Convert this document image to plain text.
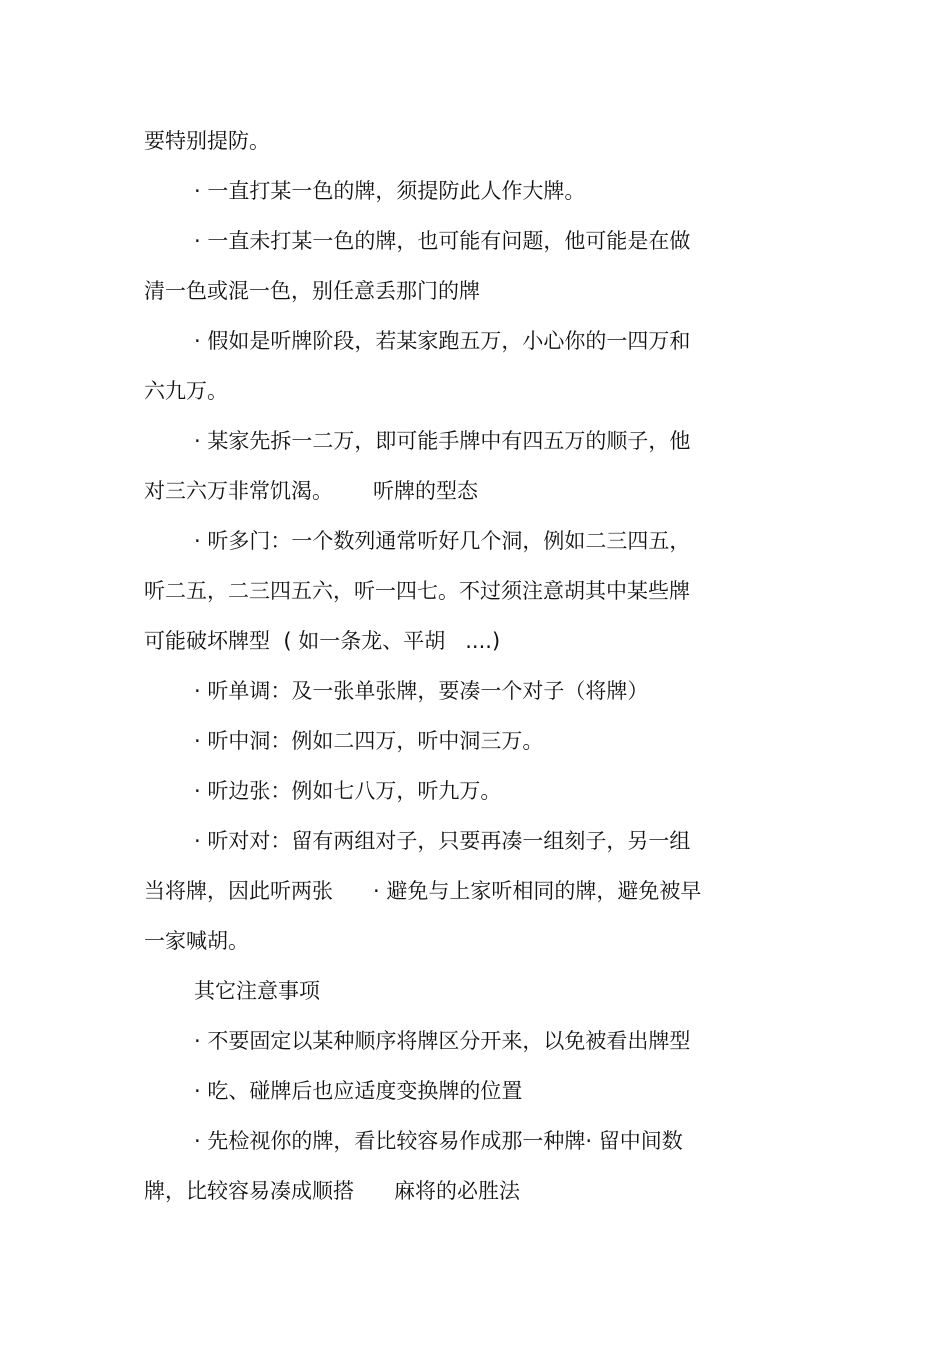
要特别提防。
· 一直打某一色的牌，须提防此人作大牌。
· 一直未打某一色的牌，也可能有问题，他可能是在做
清一色或混一色，别任意丢那门的牌
· 假如是听牌阶段，若某家跑五万，小心你的一四万和
六九万。
· 某家先拆一二万，即可能手牌中有四五万的顺子，他
对三六万非常饥渴。      听牌的型态
· 听多门：一个数列通常听好几个洞，例如二三四五，
听二五，二三四五六，听一四七。不过须注意胡其中某些牌
可能破坏牌型  ( 如一条龙、平胡   ....)
· 听单调：及一张单张牌，要凑一个对子（将牌）
· 听中洞：例如二四万，听中洞三万。
· 听边张：例如七八万，听九万。
· 听对对：留有两组对子，只要再凑一组刻子，另一组
当将牌，因此听两张      · 避免与上家听相同的牌，避免被早
一家喊胡。
其它注意事项
· 不要固定以某种顺序将牌区分开来，以免被看出牌型
· 吃、碰牌后也应适度变换牌的位置
· 先检视你的牌，看比较容易作成那一种牌· 留中间数
牌，比较容易凑成顺搭      麻将的必胜法
